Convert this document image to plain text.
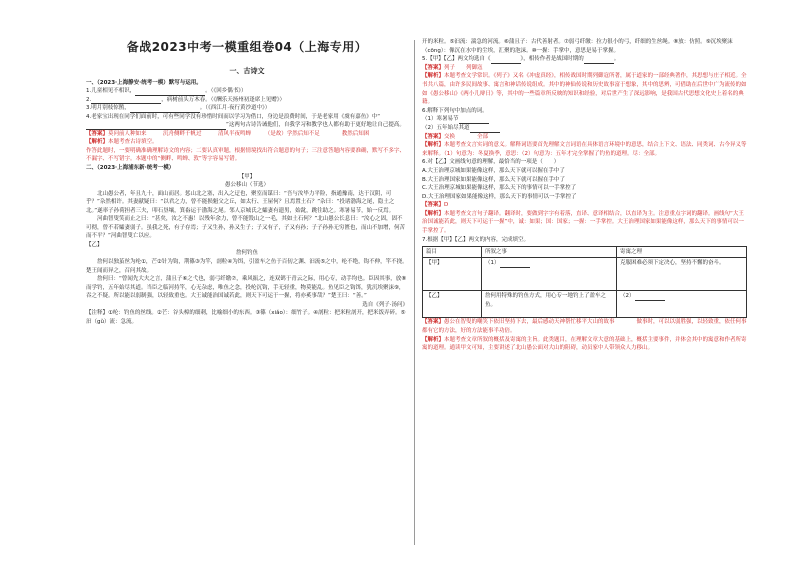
备战2023中考一模重组卷04（上海专用）
一、古诗文

一、（2023·上海静安·统考一模）默写与运用。

1.儿童相见不相识，	。（《回乡偶书》）

2.	，病树前头万木春。（《酬乐天扬州初逢席上见赠》）

3.明月别枝惊鹊，	。（《西江月·夜行黄沙道中》）

4.老家宝出现在同学们面前时，可有些同学没有珍惜时间而以学习为借口，身边是浪费时间，于是老家用《虞有嘉鱼》中“”这两句古诗告诫他们，自我学习和教学也人都有助于更好地让自己提高。

【答案】莫问前人种如来　　　沉舟侧畔千帆过　　　清风半夜鸣蝉　　　（是故）学然后知不足　　　　教然后知困

【解析】本题考查古诗填空。

作答此题时，一要明确准确理解诗文的内容；二要认真审题，根据情境找出符合题意的句子；三注意答题内容要准确，默写不多字、不漏字、不写错字。本题中的“侧畔、鸣蝉、敦”等字容易写错。

二、（2023·上海浦东新·统考一模）

【甲】

愚公移山（节选）

北山愚公者，年且九十，面山而居。惩山北之塞，出入之迂也，聚室而谋曰：“吾与汝毕力平险，指通豫南，达于汉阴，可乎？”杂然相许。其妻献疑曰：“以君之力，曾不能损魁父之丘，如太行、王屋何？且焉置土石？”杂曰：“投诸渤海之尾，隐土之北。”遂率子孙荷担者三夫，叩石垦壤，箕畚运于渤海之尾。邻人京城氏之孀妻有遗男，始龀，跳往助之。寒暑易节，始一反焉。

河曲智叟笑而止之曰：“甚矣，汝之不惠！以残年余力，曾不能毁山之一毛，其如土石何？”北山愚公长息曰：“汝心之固，固不可彻，曾不若孀妻弱子。虽我之死，有子存焉；子又生孙，孙又生子；子又有子，子又有孙；子子孙孙无穷匮也，而山不加增，何苦而不平？”河曲智叟亡以应。

【乙】

詹何钓鱼

詹何以独茧丝为纶①，芒②针为钩，荆篠③为竿，剖粒④为饵，引盈车之鱼于百仞之渊、汩流⑤之中，纶不绝，钩不伸，竿不挠。楚王闻而异之，召问其故。

詹何曰：“曾闻先大夫之言，蒲且子⑥之弋也，弱弓纤缴⑦，乘风振之，连双鸧于青云之际，用心专，动手均也。臣因其事，放⑧而学钓，五年始尽其道。当臣之临河持竿，心无杂虑，唯鱼之念，投纶沉钩，手无轻重，物莫能乱。鱼见臣之钩饵，犹沉埃聚沫⑨，吞之不疑。所以能以弱制强，以轻致重也。大王诚能治国诚若此，则天下可运于一握，将亦奚事哉？”楚王曰：“善。”

选自《列子·汤问》

【注释】①纶：钓鱼的丝线。②芒：谷头樟的细刺，比喻细小的东西。③篠（xiǎo）：细竹子。④剖粒：把米粒剖开，把米饭弄碎。⑤汩（gǔ）流：急流。

开的米粒。⑤汩流：湍急的河流。⑥蒲且子：古代善射者。⑦弱弓纤缴：拉力很小的弓，纤细的生丝绳。⑧放：仿照。⑨沉埃聚沫（cōng）：像沉在水中的尘埃，汇聚的泡沫。⑩一握：手掌中，意思是易于掌握。

5.【甲】【乙】两文均选自《	》，相传作者是战国时期的	。

【答案】列子　　列御寇

【解析】本题考查文学常识。《列子》又名《冲虚真经》，相传战国时期列御寇所著，属于道家的一部经典著作，其思想与庄子相近。全书共八篇，由许多民间故事、寓言和神话传说组成。其中的神仙传说和历史故事富于想象，其中的思辨，可借助在后世中广为流传的如如《愚公移山》《两小儿辩日》等，其中的一些篇章所反映的知识和经验，对后世产生了深远影响，是我国古代思想文化史上着名的典籍。

6.解释下列句中加点的词。

（1）寒暑易节

（2）五年始尽其道

【答案】交换　　　　全部

【解析】本题考查文言实词的意义。解释词语要首先理解文言词语在具体语言环境中的意思，结合上下文、语法、同类词、古今异义等来解释。（1）句意为：冬夏换季，意思：（2）句意为：五年才完全掌握了钓鱼的道理。尽：全部。

6.对【乙】文画线句意的理解，最恰当的一项是（　　）

A.大王治理京城如果能像这样，那么天下就可以握在手中了

B.大王治理国家如果能像这样，那么天下就可以握在手中了

C.大王治理京城如果能像这样，那么天下的事情可以一手掌控了

D.大王治理国家如果能像这样，那么天下的事情可以一手掌控了

【答案】D

【解析】本题考查文言句子翻译。翻译时，要做到字字有着落，直译、意译相结合，以直译为主。注意重点字词的翻译。画线句“大王治国诚能若此，则天下可运于一握”中，诚：如果；国：国家；一握：一手掌控。大王治理国家如果能像这样，那么天下的事情可以一手掌控了。

7.根据【甲】【乙】两文的内容，完成填空。

篇目	所叙之事	寄寓之理
【甲】	（1）	克服困难必须下定决心，坚持不懈的奋斗。
【乙】	詹何用特殊的钓鱼方式，用心专一地钓上了盈车之鱼。	（2）

【答案】愚公在智叟的嘲笑下依旧坚持下去，最后感动天神帮忙移平大山的故事　　　　做事时，可以以弱胜强，以轻致重，依任何事都有它的方法，好的方法能事半功倍。

【解析】本题考查文章所叙的概括及寄寓的主旨。此类题目，在理解文章大意的基础上，概括主要事件，并体会其中的寓意和作者所寄寓的道理。通读甲文可知，主要讲述了北山愚公面对大山的阻碍，动员家中人带领众人力移山。
